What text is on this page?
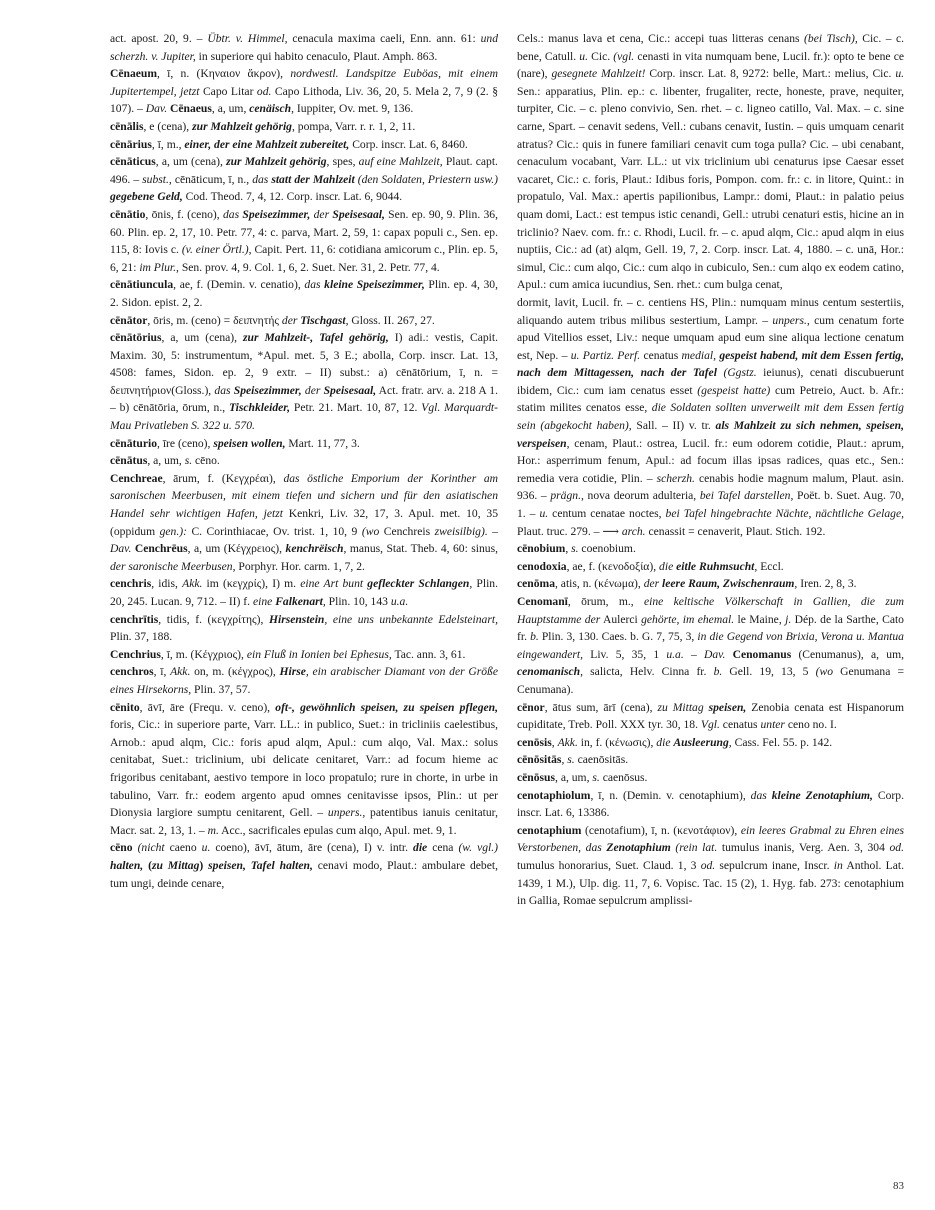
act. apost. 20, 9. – Übtr. v. Himmel, cenacula maxima caeli, Enn. ann. 61: und scherzh. v. Jupiter, in superiore qui habito cenaculo, Plaut. Amph. 863.

Cēnaeum, ī, n. (Κηναιον ἄκρον), nordwestl. Landspitze Euböas, mit einem Jupitertempel, jetzt Capo Litar od. Capo Lithoda, Liv. 36, 20, 5. Mela 2, 7, 9 (2. § 107). – Dav. Cēnaeus, a, um, cenäisch, Iuppiter, Ov. met. 9, 136.

cēnālis, e (cena), zur Mahlzeit gehörig, pompa, Varr. r. r. 1, 2, 11.

cēnārius, ī, m., einer, der eine Mahlzeit zubereitet, Corp. inscr. Lat. 6, 8460.

cēnāticus, a, um (cena), zur Mahlzeit gehörig, spes, auf eine Mahlzeit, Plaut. capt. 496. – subst., cēnāticum, ī, n., das statt der Mahlzeit (den Soldaten, Priestern usw.) gegebene Geld, Cod. Theod. 7, 4, 12. Corp. inscr. Lat. 6, 9044.

cēnātio, ōnis, f. (ceno), das Speisezimmer, der Speisesaal, Sen. ep. 90, 9. Plin. 36, 60. Plin. ep. 2, 17, 10. Petr. 77, 4: c. parva, Mart. 2, 59, 1: capax populi c., Sen. ep. 115, 8: Iovis c. (v. einer Örtl.), Capit. Pert. 11, 6: cotidiana amicorum c., Plin. ep. 5, 6, 21: im Plur., Sen. prov. 4, 9. Col. 1, 6, 2. Suet. Ner. 31, 2. Petr. 77, 4.

cēnātiuncula, ae, f. (Demin. v. cenatio), das kleine Speisezimmer, Plin. ep. 4, 30, 2. Sidon. epist. 2, 2.

cēnātor, ōris, m. (ceno) = δειπνητής der Tischgast, Gloss. II. 267, 27.

cēnātōrius, a, um (cena), zur Mahlzeit-, Tafel gehörig, I) adi.: vestis, Capit. Maxim. 30, 5: instrumentum, *Apul. met. 5, 3 E.; abolla, Corp. inscr. Lat. 13, 4508: fames, Sidon. ep. 2, 9 extr. – II) subst.: a) cēnātōrium, ī, n. = δειπνητήριον(Gloss.), das Speisezimmer, der Speisesaal, Act. fratr. arv. a. 218 A 1. – b) cēnātōria, ōrum, n., Tischkleider, Petr. 21. Mart. 10, 87, 12. Vgl. Marquardt-Mau Privatleben S. 322 u. 570.

cēnāturio, īre (ceno), speisen wollen, Mart. 11, 77, 3.

cēnātus, a, um, s. cēno.

Cenchreae, ārum, f. (Κεγχρέαι), das östliche Emporium der Korinther am saronischen Meerbusen, mit einem tiefen und sichern und für den asiatischen Handel sehr wichtigen Hafen, jetzt Kenkri, Liv. 32, 17, 3. Apul. met. 10, 35 (oppidum gen.): C. Corinthiacae, Ov. trist. 1, 10, 9 (wo Cenchreis zweisilbig). – Dav. Cenchrēus, a, um (Κέγχρειος), kenchrëisch, manus, Stat. Theb. 4, 60: sinus, der saronische Meerbusen, Porphyr. Hor. carm. 1, 7, 2.

cenchris, idis, Akk. im (κεγχρίς), I) m. eine Art bunt gefleckter Schlangen, Plin. 20, 245. Lucan. 9, 712. – II) f. eine Falkenart, Plin. 10, 143 u.a.

cenchrītis, tidis, f. (κεγχρίτης), Hirsenstein, eine uns unbekannte Edelsteinart, Plin. 37, 188.

Cenchrius, ī, m. (Κέγχριος), ein Fluß in Ionien bei Ephesus, Tac. ann. 3, 61.

cenchros, ī, Akk. on, m. (κέγχρος), Hirse, ein arabischer Diamant von der Größe eines Hirsekorns, Plin. 37, 57.

cēnito, āvī, āre (Frequ. v. ceno), oft-, gewöhnlich speisen, zu speisen pflegen, foris, Cic.: in superiore parte, Varr. LL.: in publico, Suet.: in tricliniis caelestibus, Arnob.: apud alqm, Cic.: foris apud alqm, Apul.: cum alqo, Val. Max.: solus cenitabat, Suet.: triclinium, ubi delicate cenitaret, Varr.: ad focum hieme ac frigoribus cenitabant, aestivo tempore in loco propatulo; rure in chorte, in urbe in tabulino, Varr. fr.: eodem argento apud omnes cenitavisse ipsos, Plin.: ut per Dionysia largiore sumptu cenitarent, Gell. – unpers., patentibus ianuis cenitatur, Macr. sat. 2, 13, 1. – m. Acc., sacrificales epulas cum alqo, Apul. met. 9, 1.

cēno (nicht caeno u. coeno), āvī, ātum, āre (cena), I) v. intr. die cena (w. vgl.) halten, (zu Mittag) speisen, Tafel halten, cenavi modo, Plaut.: ambulare debet, tum ungi, deinde cenare,

Cels.: manus lava et cena, Cic.: accepi tuas litteras cenans (bei Tisch), Cic. – c. bene, Catull. u. Cic. (vgl. cenasti in vita numquam bene, Lucil. fr.): opto te bene ce (nare), gesegnete Mahlzeit! Corp. inscr. Lat. 8, 9272: belle, Mart.: melius, Cic. u. Sen.: apparatius, Plin. ep.: c. libenter, frugaliter, recte, honeste, prave, nequiter, turpiter, Cic. – c. pleno convivio, Sen. rhet. – c. ligneo catillo, Val. Max. – c. sine carne, Spart. – cenavit sedens, Vell.: cubans cenavit, Iustin. – quis umquam cenarit atratus? Cic.: quis in funere familiari cenavit cum toga pulla? Cic. – ubi cenabant, cenaculum vocabant, Varr. LL.: ut vix triclinium ubi cenaturus ipse Caesar esset vacaret, Cic.: c. foris, Plaut.: Idibus foris, Pompon. com. fr.: c. in litore, Quint.: in propatulo, Val. Max.: apertis papilionibus, Lampr.: domi, Plaut.: in palatio peius quam domi, Lact.: est tempus istic cenandi, Gell.: utrubi cenaturi estis, hicine an in triclinio? Naev. com. fr.: c. Rhodi, Lucil. fr. – c. apud alqm, Cic.: apud alqm in eius nuptiis, Cic.: ad (at) alqm, Gell. 19, 7, 2. Corp. inscr. Lat. 4, 1880. – c. unā, Hor.: simul, Cic.: cum alqo, Cic.: cum alqo in cubiculo, Sen.: cum alqo ex eodem catino, Apul.: cum amica iucundius, Sen. rhet.: cum bulga cenat,

dormit, lavit, Lucil. fr. – c. centiens HS, Plin.: numquam minus centum sestertiis, aliquando autem tribus milibus sestertium, Lampr. – unpers., cum cenatum forte apud Vitellios esset, Liv.: neque umquam apud eum sine aliqua lectione cenatum est, Nep. – u. Partiz. Perf. cenatus medial, gespeist habend, mit dem Essen fertig, nach dem Mittagessen, nach der Tafel (Ggstz. ieiunus), cenati discubuerunt ibidem, Cic.: cum iam cenatus esset (gespeist hatte) cum Petreio, Auct. b. Afr.: statim milites cenatos esse, die Soldaten sollten unverweilt mit dem Essen fertig sein (abgekocht haben), Sall. – II) v. tr. als Mahlzeit zu sich nehmen, speisen, verspeisen, cenam, Plaut.: ostrea, Lucil. fr.: eum odorem cotidie, Plaut.: aprum, Hor.: asperrimum fenum, Apul.: ad focum illas ipsas radices, quas etc., Sen.: remedia vera cotidie, Plin. – scherzh. cenabis hodie magnum malum, Plaut. asin. 936. – prägn., nova deorum adulteria, bei Tafel darstellen, Poët. b. Suet. Aug. 70, 1. – u. centum cenatae noctes, bei Tafel hingebrachte Nächte, nächtliche Gelage, Plaut. truc. 279. – ⟶ arch. cenassit = cenaverit, Plaut. Stich. 192.

cēnobium, s. coenobium.

cenodoxia, ae, f. (κενοδοξία), die eitle Ruhmsucht, Eccl.

cenōma, atis, n. (κένωμα), der leere Raum, Zwischenraum, Iren. 2, 8, 3.

Cenomanī, ōrum, m., eine keltische Völkerschaft in Gallien, die zum Hauptstamme der Aulerci gehörte, im ehemal. le Maine, j. Dép. de la Sarthe, Cato fr. b. Plin. 3, 130. Caes. b. G. 7, 75, 3, in die Gegend von Brixia, Verona u. Mantua eingewandert, Liv. 5, 35, 1 u.a. – Dav. Cenomanus (Cenumanus), a, um, cenomanisch, salicta, Helv. Cinna fr. b. Gell. 19, 13, 5 (wo Genumana = Cenumana).

cēnor, ātus sum, ārī (cena), zu Mittag speisen, Zenobia cenata est Hispanorum cupiditate, Treb. Poll. XXX tyr. 30, 18. Vgl. cenatus unter ceno no. I.

cenōsis, Akk. in, f. (κένωσις), die Ausleerung, Cass. Fel. 55. p. 142.

cēnōsitās, s. caenōsitās.

cēnōsus, a, um, s. caenōsus.

cenotaphiolum, ī, n. (Demin. v. cenotaphium), das kleine Zenotaphium, Corp. inscr. Lat. 6, 13386.

cenotaphium (cenotafium), ī, n. (κενοτάφιον), ein leeres Grabmal zu Ehren eines Verstorbenen, das Zenotaphium (rein lat. tumulus inanis, Verg. Aen. 3, 304 od. tumulus honorarius, Suet. Claud. 1, 3 od. sepulcrum inane, Inscr. in Anthol. Lat. 1439, 1 M.), Ulp. dig. 11, 7, 6. Vopisc. Tac. 15 (2), 1. Hyg. fab. 273: cenotaphium in Gallia, Romae sepulcrum amplissi-

83
